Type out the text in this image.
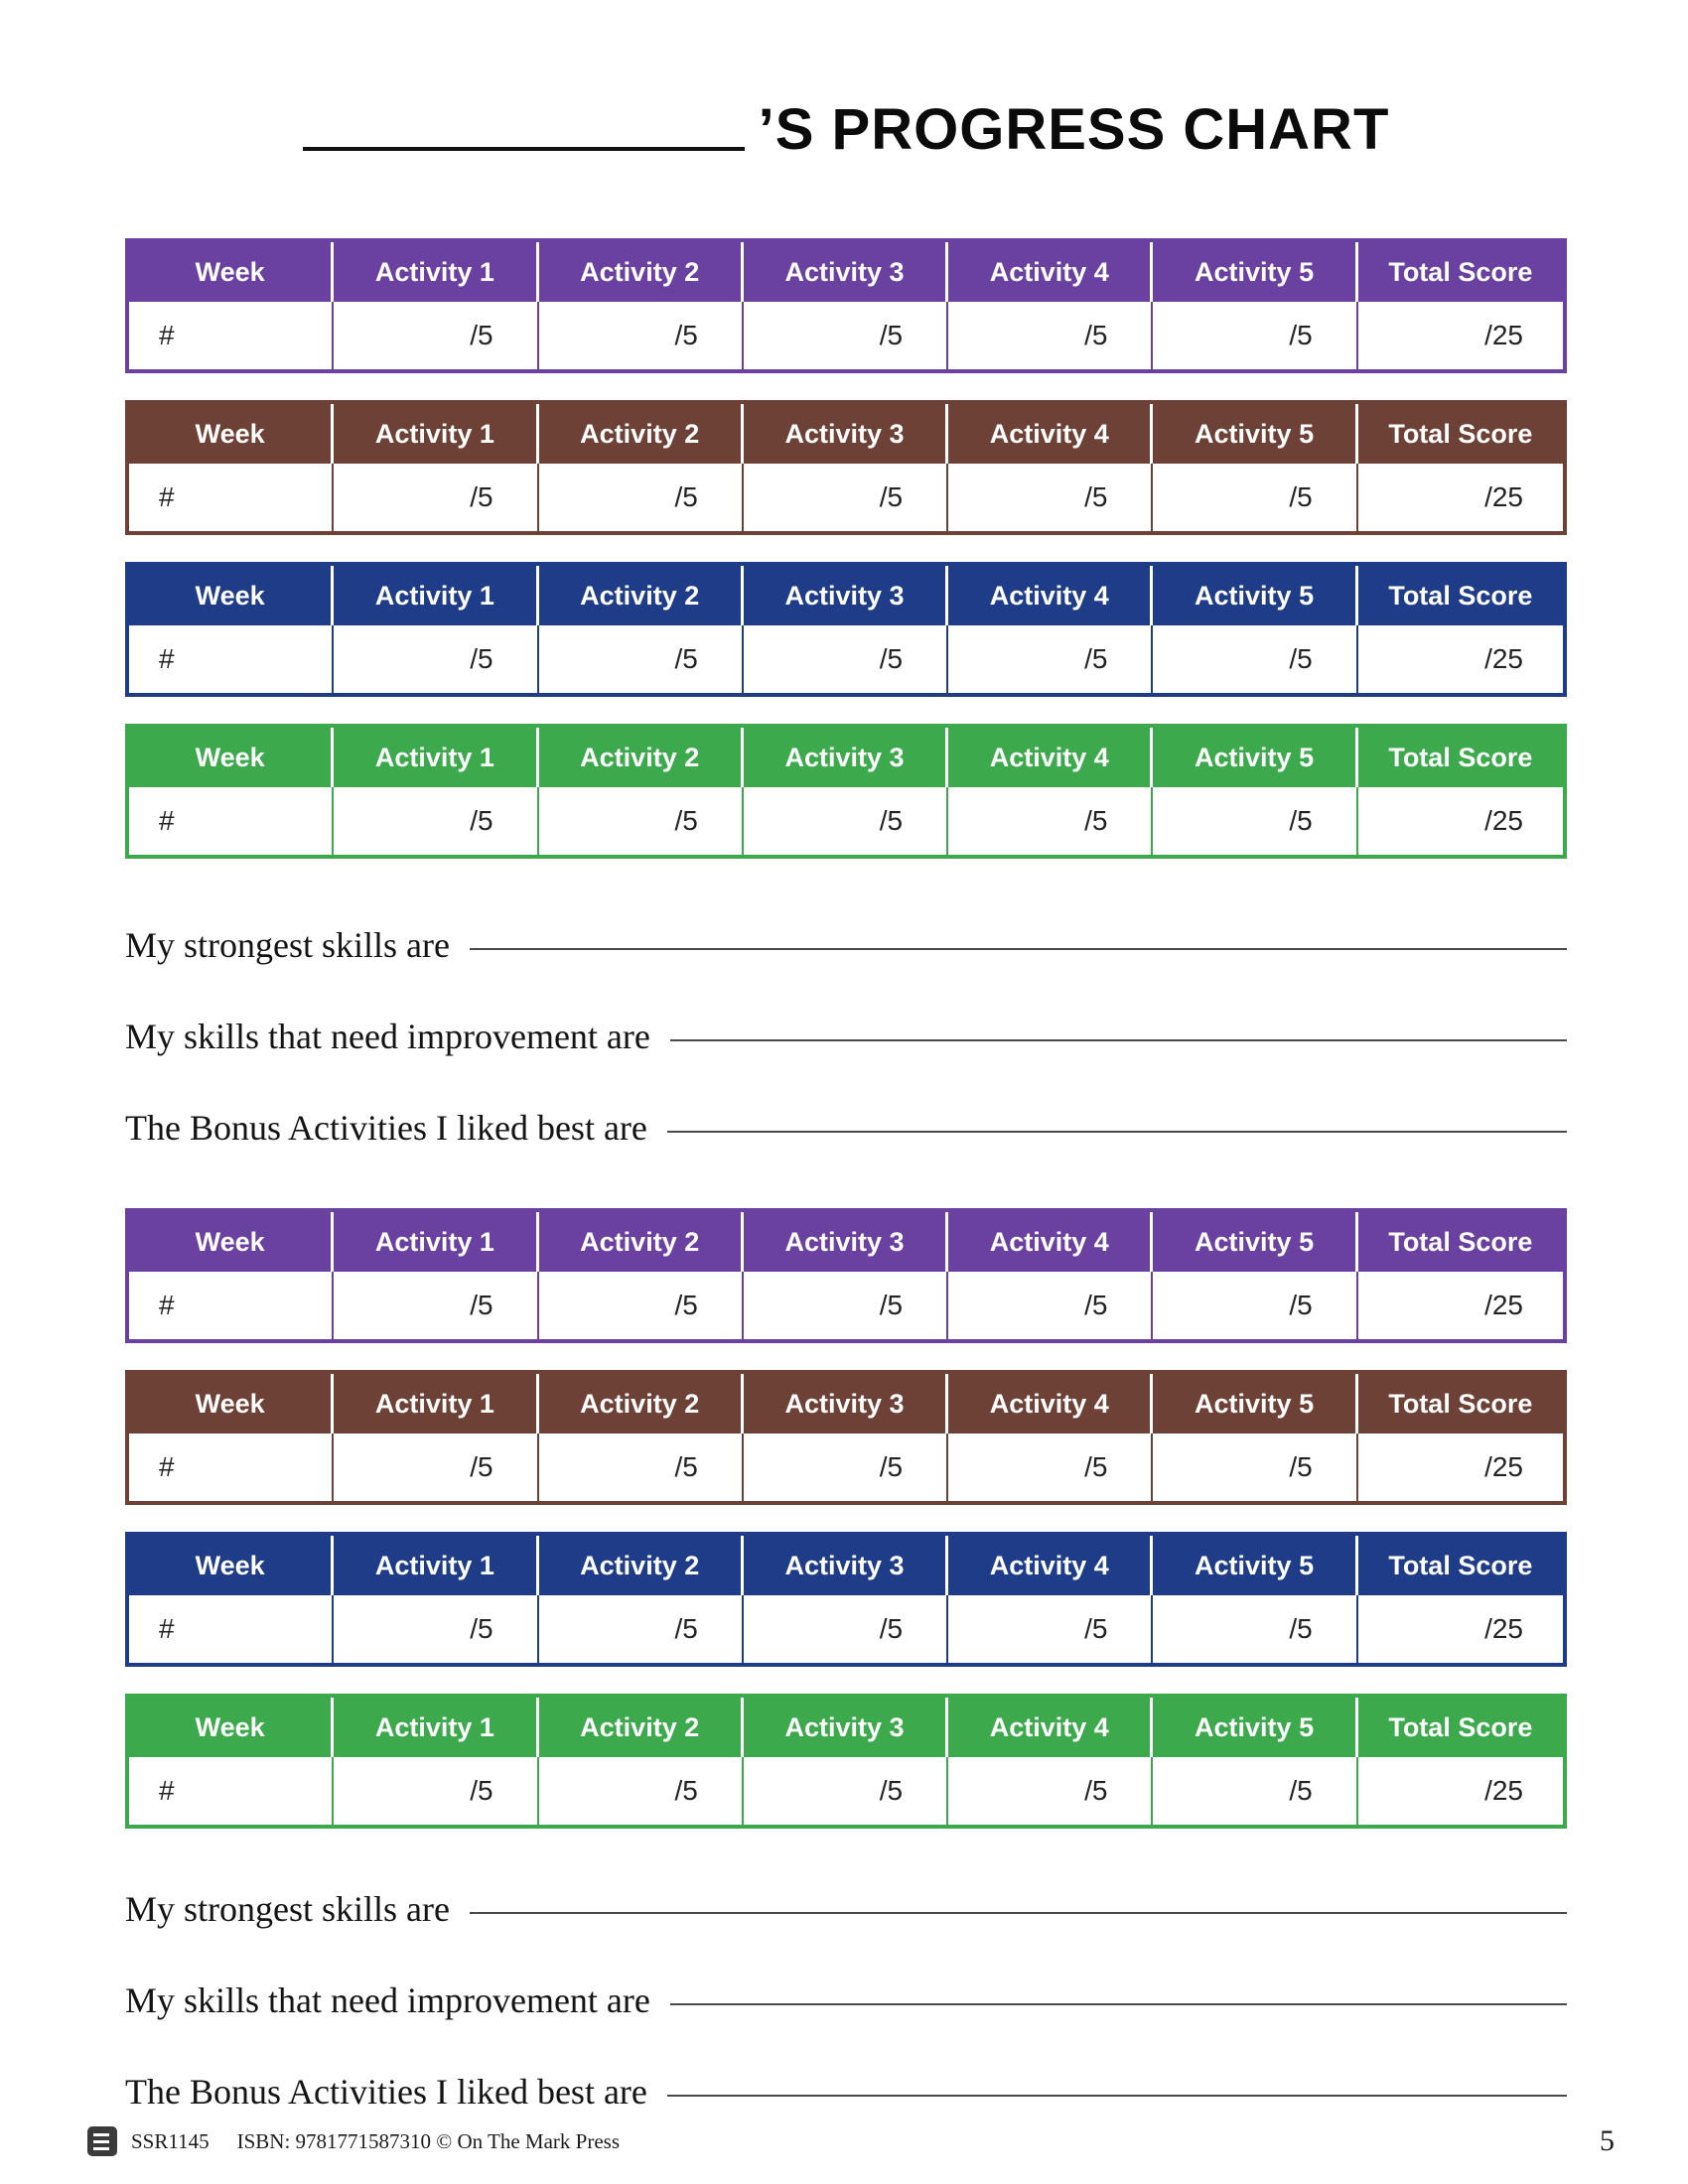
’S PROGRESS CHART
Week	Activity 1	Activity 2	Activity 3	Activity 4	Activity 5	Total Score
#	/5	/5	/5	/5	/5	/25
Week	Activity 1	Activity 2	Activity 3	Activity 4	Activity 5	Total Score
#	/5	/5	/5	/5	/5	/25
Week	Activity 1	Activity 2	Activity 3	Activity 4	Activity 5	Total Score
#	/5	/5	/5	/5	/5	/25
Week	Activity 1	Activity 2	Activity 3	Activity 4	Activity 5	Total Score
#	/5	/5	/5	/5	/5	/25
My strongest skills are
My skills that need improvement are
The Bonus Activities I liked best are
Week	Activity 1	Activity 2	Activity 3	Activity 4	Activity 5	Total Score
#	/5	/5	/5	/5	/5	/25
Week	Activity 1	Activity 2	Activity 3	Activity 4	Activity 5	Total Score
#	/5	/5	/5	/5	/5	/25
Week	Activity 1	Activity 2	Activity 3	Activity 4	Activity 5	Total Score
#	/5	/5	/5	/5	/5	/25
Week	Activity 1	Activity 2	Activity 3	Activity 4	Activity 5	Total Score
#	/5	/5	/5	/5	/5	/25
My strongest skills are
My skills that need improvement are
The Bonus Activities I liked best are
SSR1145 ISBN: 9781771587310 © On The Mark Press	5
